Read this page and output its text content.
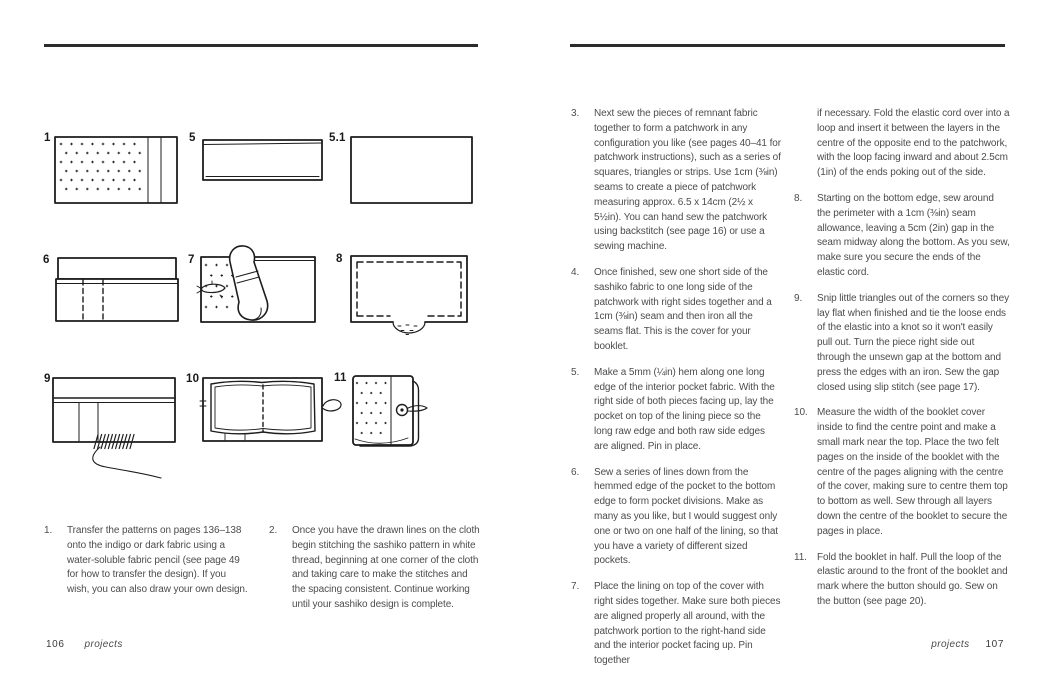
1	5	5.1
6	7	8
9	10	11
1.	Transfer the patterns on pages 136–138 onto the indigo or dark fabric using a water-soluble fabric pencil (see page 49 for how to transfer the design). If you wish, you can also draw your own design.
2.	Once you have the drawn lines on the cloth begin stitching the sashiko pattern in white thread, beginning at one corner of the cloth and taking care to make the stitches and the spacing consistent. Continue working until your sashiko design is complete.
106 projects
3.	Next sew the pieces of remnant fabric together to form a patchwork in any configuration you like (see pages 40–41 for patchwork instructions), such as a series of squares, triangles or strips. Use 1cm (⅜in) seams to create a piece of patchwork measuring approx. 6.5 x 14cm (2½ x 5½in). You can hand sew the patchwork using backstitch (see page 16) or use a sewing machine.
4.	Once finished, sew one short side of the sashiko fabric to one long side of the patchwork with right sides together and a 1cm (⅜in) seam and then iron all the seams flat. This is the cover for your booklet.
5.	Make a 5mm (¼in) hem along one long edge of the interior pocket fabric. With the right side of both pieces facing up, lay the pocket on top of the lining piece so the long raw edge and both raw side edges are aligned. Pin in place.
6.	Sew a series of lines down from the hemmed edge of the pocket to the bottom edge to form pocket divisions. Make as many as you like, but I would suggest only one or two on one half of the lining, so that you have a variety of different sized pockets.
7.	Place the lining on top of the cover with right sides together. Make sure both pieces are aligned properly all around, with the patchwork portion to the right-hand side and the interior pocket facing up. Pin together
if necessary. Fold the elastic cord over into a loop and insert it between the layers in the centre of the opposite end to the patchwork, with the loop facing inward and about 2.5cm (1in) of the ends poking out of the side.
8.	Starting on the bottom edge, sew around the perimeter with a 1cm (⅜in) seam allowance, leaving a 5cm (2in) gap in the seam midway along the bottom. As you sew, make sure you secure the ends of the elastic cord.
9.	Snip little triangles out of the corners so they lay flat when finished and tie the loose ends of the elastic into a knot so it won't easily pull out. Turn the piece right side out through the unsewn gap at the bottom and press the edges with an iron. Sew the gap closed using slip stitch (see page 17).
10. Measure the width of the booklet cover inside to find the centre point and make a small mark near the top. Place the two felt pages on the inside of the booklet with the centre of the pages aligning with the centre of the cover, making sure to centre them top to bottom as well. Sew through all layers down the centre of the booklet to secure the pages in place.
11.	Fold the booklet in half. Pull the loop of the elastic around to the front of the booklet and mark where the button should go. Sew on the button (see page 20).
projects 107
